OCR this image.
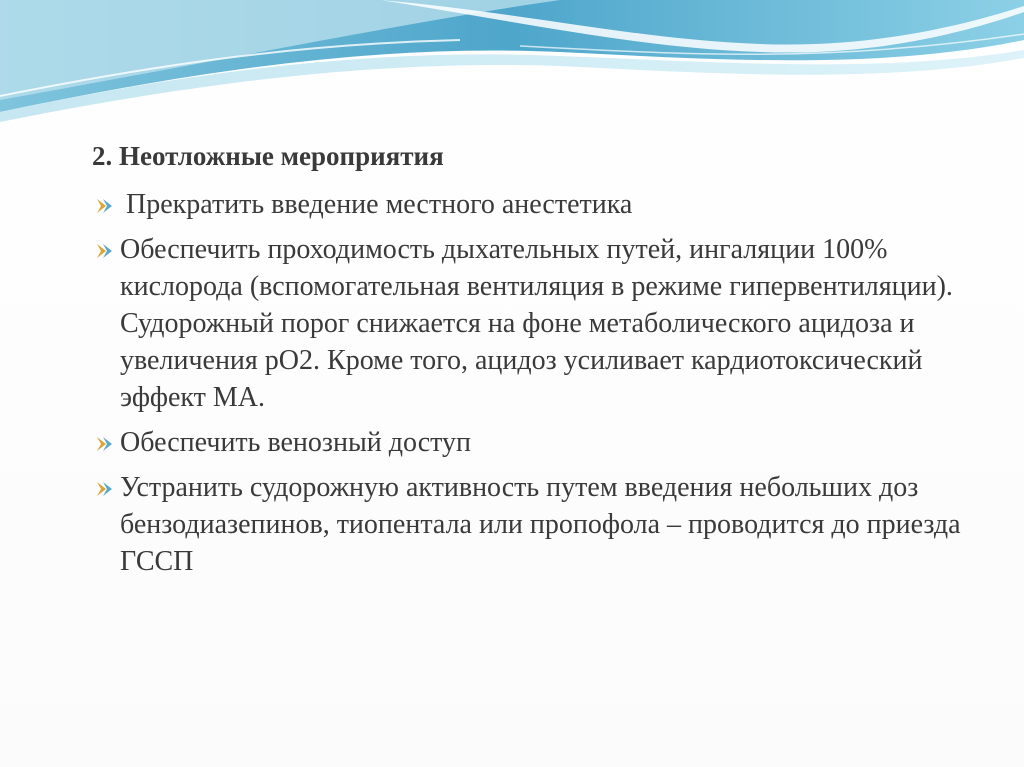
2. Неотложные мероприятия
Прекратить введение местного анестетика
Обеспечить проходимость дыхательных путей, ингаляции 100% кислорода (вспомогательная вентиляция в режиме гипервентиляции). Судорожный порог снижается на фоне метаболического ацидоза и увеличения рО2. Кроме того, ацидоз усиливает кардиотоксический эффект МА.
Обеспечить венозный доступ
Устранить судорожную активность путем введения небольших доз бензодиазепинов, тиопентала или пропофола – проводится до приезда ГССП
